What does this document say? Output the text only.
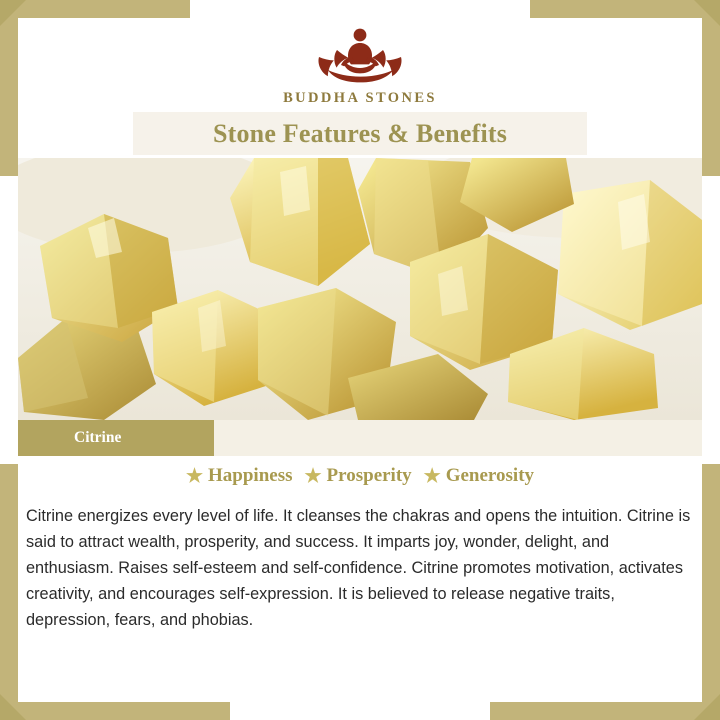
BUDDHA STONES
Stone Features & Benefits
Citrine
★ Happiness ★ Prosperity ★ Generosity

Citrine energizes every level of life. It cleanses the chakras and opens the intuition. Citrine is said to attract wealth, prosperity, and success. It imparts joy, wonder, delight, and enthusiasm. Raises self-esteem and self-confidence. Citrine promotes motivation, activates creativity, and encourages self-expression. It is believed to release negative traits, depression, fears, and phobias.
